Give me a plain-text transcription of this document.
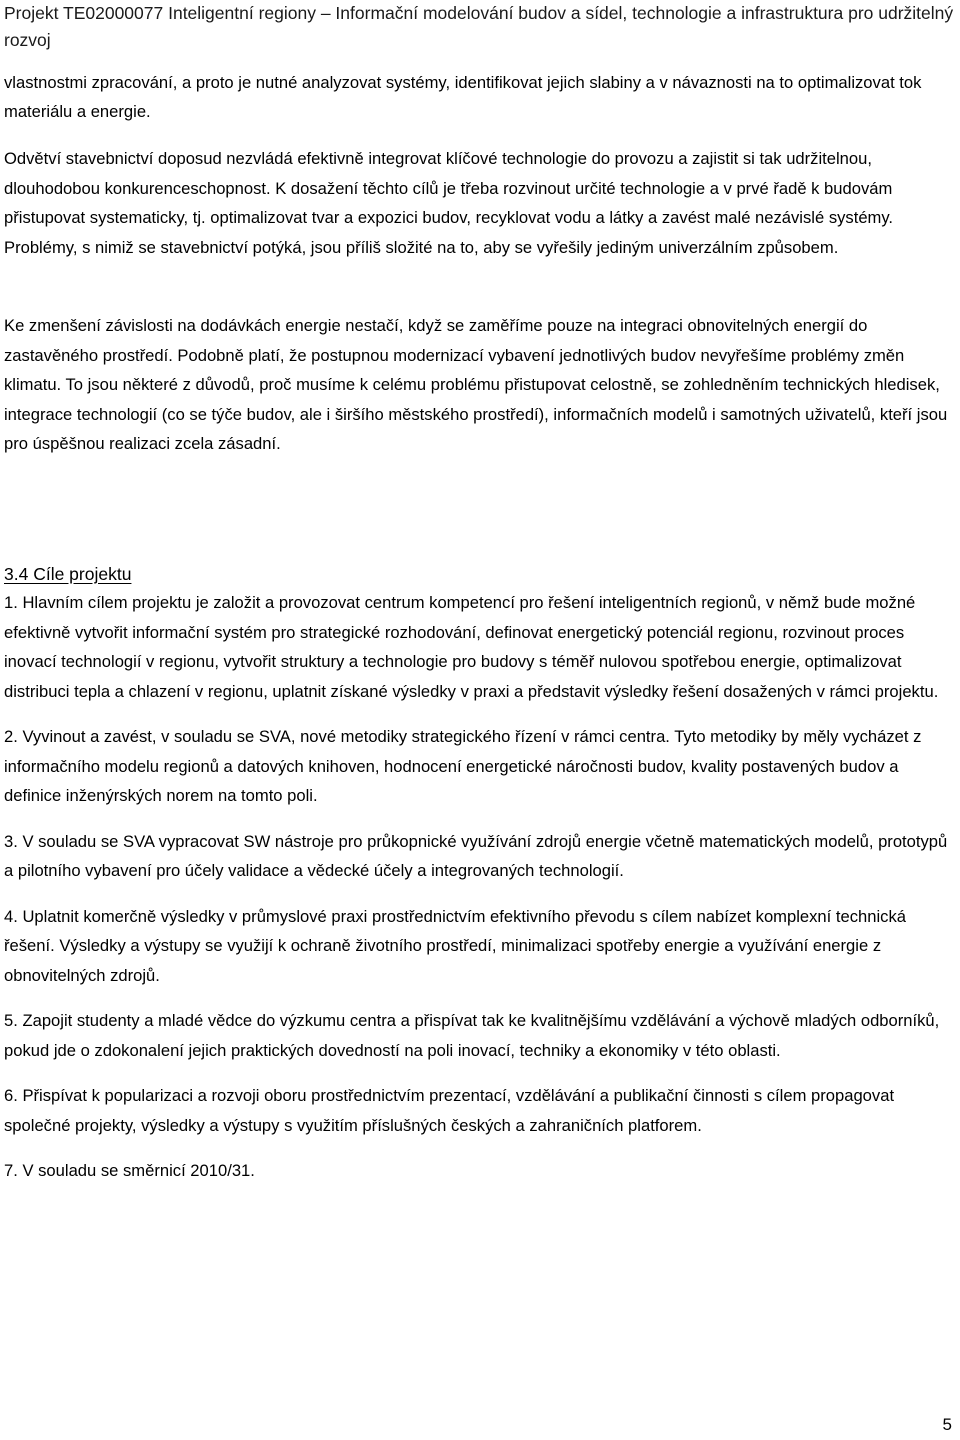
Projekt TE02000077 Inteligentní regiony – Informační modelování budov a sídel, technologie a infrastruktura pro udržitelný rozvoj

vlastnostmi zpracování, a proto je nutné analyzovat systémy, identifikovat jejich slabiny a v návaznosti na to optimalizovat tok materiálu a energie.

Odvětví stavebnictví doposud nezvládá efektivně integrovat klíčové technologie do provozu a zajistit si tak udržitelnou, dlouhodobou konkurenceschopnost. K dosažení těchto cílů je třeba rozvinout určité technologie a v prvé řadě k budovám přistupovat systematicky, tj. optimalizovat tvar a expozici budov, recyklovat vodu a látky a zavést malé nezávislé systémy. Problémy, s nimiž se stavebnictví potýká, jsou příliš složité na to, aby se vyřešily jediným univerzálním způsobem.

Ke zmenšení závislosti na dodávkách energie nestačí, když se zaměříme pouze na integraci obnovitelných energií do zastavěného prostředí. Podobně platí, že postupnou modernizací vybavení jednotlivých budov nevyřešíme problémy změn klimatu. To jsou některé z důvodů, proč musíme k celému problému přistupovat celostně, se zohledněním technických hledisek, integrace technologií (co se týče budov, ale i širšího městského prostředí), informačních modelů i samotných uživatelů, kteří jsou pro úspěšnou realizaci zcela zásadní.

3.4 Cíle projektu

1. Hlavním cílem projektu je založit a provozovat centrum kompetencí pro řešení inteligentních regionů, v němž bude možné efektivně vytvořit informační systém pro strategické rozhodování, definovat energetický potenciál regionu, rozvinout proces inovací technologií v regionu, vytvořit struktury a technologie pro budovy s téměř nulovou spotřebou energie, optimalizovat distribuci tepla a chlazení v regionu, uplatnit získané výsledky v praxi a představit výsledky řešení dosažených v rámci projektu.

2. Vyvinout a zavést, v souladu se SVA, nové metodiky strategického řízení v rámci centra. Tyto metodiky by měly vycházet z informačního modelu regionů a datových knihoven, hodnocení energetické náročnosti budov, kvality postavených budov a definice inženýrských norem na tomto poli.

3. V souladu se SVA vypracovat SW nástroje pro průkopnické využívání zdrojů energie včetně matematických modelů, prototypů a pilotního vybavení pro účely validace a vědecké účely a integrovaných technologií.

4. Uplatnit komerčně výsledky v průmyslové praxi prostřednictvím efektivního převodu s cílem nabízet komplexní technická řešení. Výsledky a výstupy se využijí k ochraně životního prostředí, minimalizaci spotřeby energie a využívání energie z obnovitelných zdrojů.

5. Zapojit studenty a mladé vědce do výzkumu centra a přispívat tak ke kvalitnějšímu vzdělávání a výchově mladých odborníků, pokud jde o zdokonalení jejich praktických dovedností na poli inovací, techniky a ekonomiky v této oblasti.

6. Přispívat k popularizaci a rozvoji oboru prostřednictvím prezentací, vzdělávání a publikační činnosti s cílem propagovat společné projekty, výsledky a výstupy s využitím příslušných českých a zahraničních platforem.

7. V souladu se směrnicí 2010/31.

5
